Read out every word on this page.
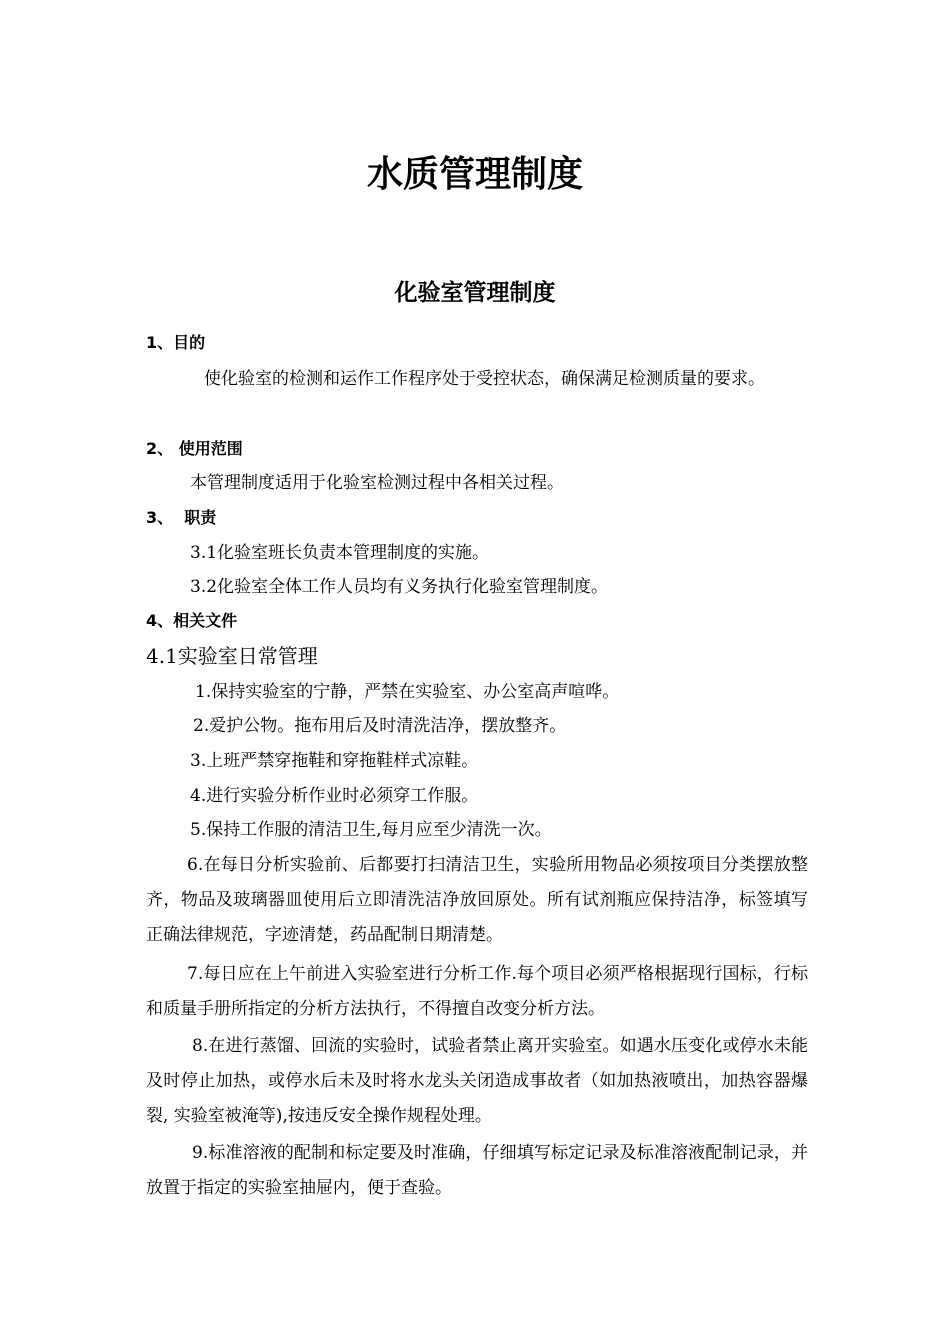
水质管理制度
化验室管理制度
1、目的

使化验室的检测和运作工作程序处于受控状态，确保满足检测质量的要求。

2、 使用范围
本管理制度适用于化验室检测过程中各相关过程。
3、  职责
3.1化验室班长负责本管理制度的实施。
3.2化验室全体工作人员均有义务执行化验室管理制度。
4、相关文件
4.1实验室日常管理
1.保持实验室的宁静，严禁在实验室、办公室高声喧哗。
2.爱护公物。拖布用后及时清洗洁净，摆放整齐。
3.上班严禁穿拖鞋和穿拖鞋样式凉鞋。
4.进行实验分析作业时必须穿工作服。
5.保持工作服的清洁卫生,每月应至少清洗一次。

6.在每日分析实验前、后都要打扫清洁卫生，实验所用物品必须按项目分类摆放整齐，物品及玻璃器皿使用后立即清洗洁净放回原处。所有试剂瓶应保持洁净，标签填写正确法律规范，字迹清楚，药品配制日期清楚。

7.每日应在上午前进入实验室进行分析工作.每个项目必须严格根据现行国标，行标和质量手册所指定的分析方法执行，不得擅自改变分析方法。

8.在进行蒸馏、回流的实验时，试验者禁止离开实验室。如遇水压变化或停水未能及时停止加热，或停水后未及时将水龙头关闭造成事故者（如加热液喷出，加热容器爆裂, 实验室被淹等),按违反安全操作规程处理。

9.标准溶液的配制和标定要及时准确，仔细填写标定记录及标准溶液配制记录，并放置于指定的实验室抽屉内，便于查验。
